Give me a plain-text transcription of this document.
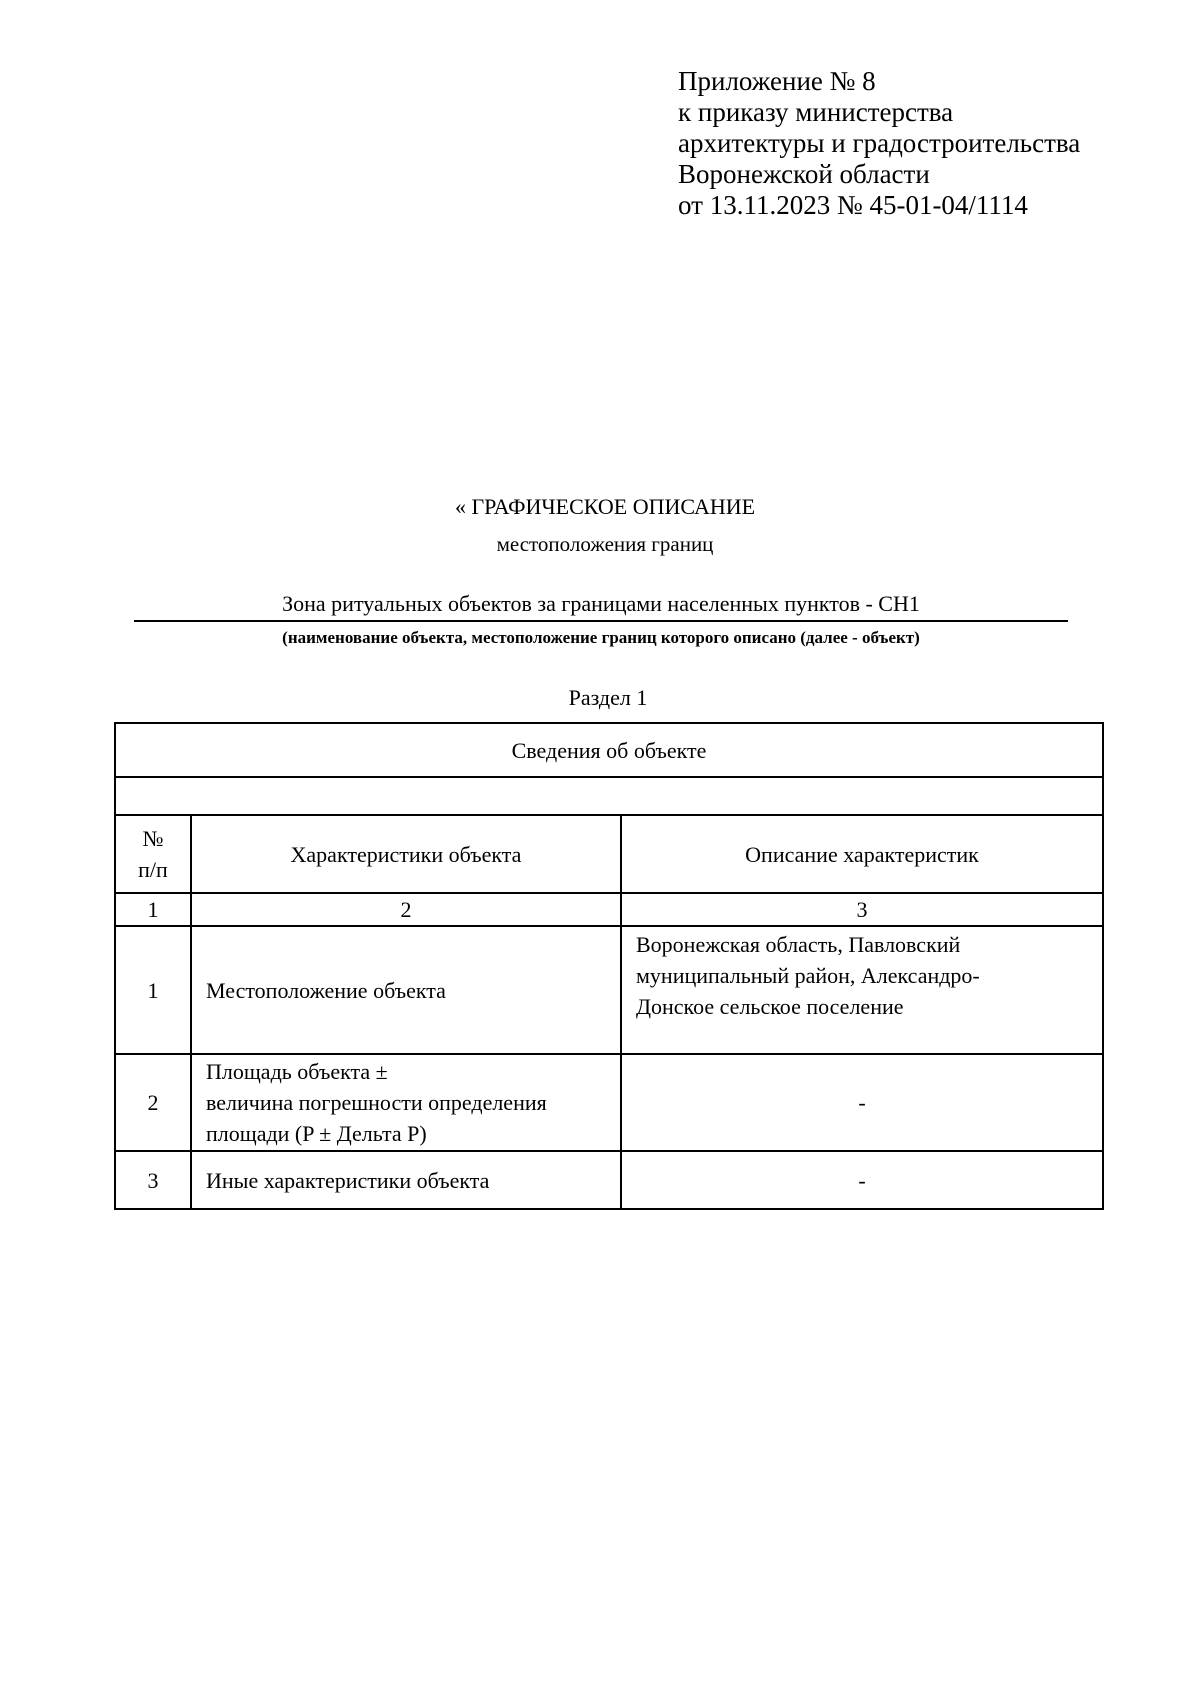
Приложение № 8
к приказу министерства
архитектуры и градостроительства
Воронежской области
от 13.11.2023 № 45-01-04/1114
« ГРАФИЧЕСКОЕ ОПИСАНИЕ
местоположения границ
Зона ритуальных объектов за границами населенных пунктов - СН1
(наименование объекта, местоположение границ которого описано (далее - объект)
Раздел 1
Сведения об объекте		

№
п/п	Характеристики объекта	Описание характеристик
1	2	3
1	Местоположение объекта	Воронежская область, Павловский
муниципальный район, Александро-
Донское сельское поселение

2	Площадь объекта ±
величина погрешности определения
площади (P ± Дельта P)	-

3	Иные характеристики объекта	-
